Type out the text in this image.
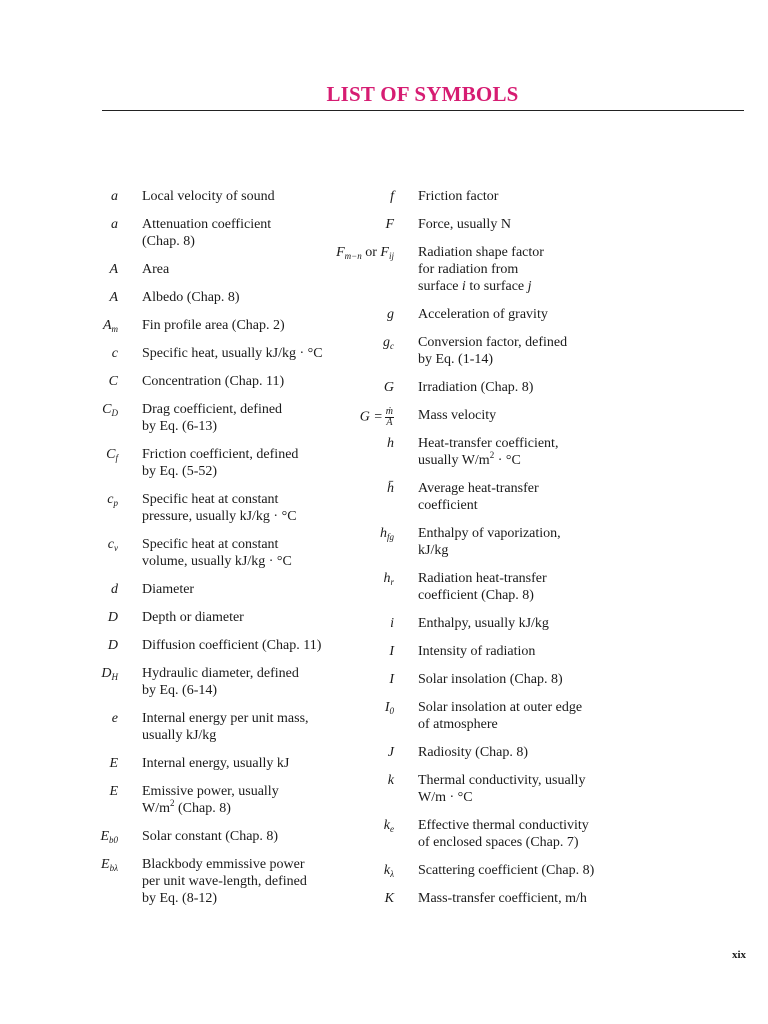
LIST OF SYMBOLS
a	Local velocity of sound
a	Attenuation coefficient
(Chap. 8)
A	Area
A	Albedo (Chap. 8)
$A_m$	Fin profile area (Chap. 2)
c	Specific heat, usually kJ/kg · °C
C	Concentration (Chap. 11)
$C_D$	Drag coefficient, defined
by Eq. (6-13)
$C_f$	Friction coefficient, defined
by Eq. (5-52)
$c_p$	Specific heat at constant
pressure, usually kJ/kg · °C
$c_v$	Specific heat at constant
volume, usually kJ/kg · °C
d	Diameter
D	Depth or diameter
D	Diffusion coefficient (Chap. 11)
$D_H$	Hydraulic diameter, defined
by Eq. (6-14)
e	Internal energy per unit mass,
usually kJ/kg
E	Internal energy, usually kJ
E	Emissive power, usually
$W/m^2$ (Chap. 8)
$E_{b0}$	Solar constant (Chap. 8)
$E_{b\lambda}$	Blackbody emmissive power
per unit wave-length, defined
by Eq. (8-12)
f	Friction factor
F	Force, usually N
$F_{m-n}$ or $F_{ij}$	Radiation shape factor
for radiation from
surface i to surface j
g	Acceleration of gravity
$g_c$	Conversion factor, defined
by Eq. (1-14)
G	Irradiation (Chap. 8)
$G = \frac{\text{ṁ}}{A}$ Mass velocity
h	Heat-transfer coefficient,
usually $W/m^2 \cdot ^\circ C$
h̄	Average heat-transfer
coefficient
$h_{fg}$	Enthalpy of vaporization,
kJ/kg
$h_r$	Radiation heat-transfer
coefficient (Chap. 8)
i	Enthalpy, usually kJ/kg
I	Intensity of radiation
I	Solar insolation (Chap. 8)
$I_0$	Solar insolation at outer edge
of atmosphere
J	Radiosity (Chap. 8)
k	Thermal conductivity, usually
W/m · °C
$k_e$	Effective thermal conductivity
of enclosed spaces (Chap. 7)
$k_\lambda$	Scattering coefficient (Chap. 8)
K	Mass-transfer coefficient, m/h
xix
